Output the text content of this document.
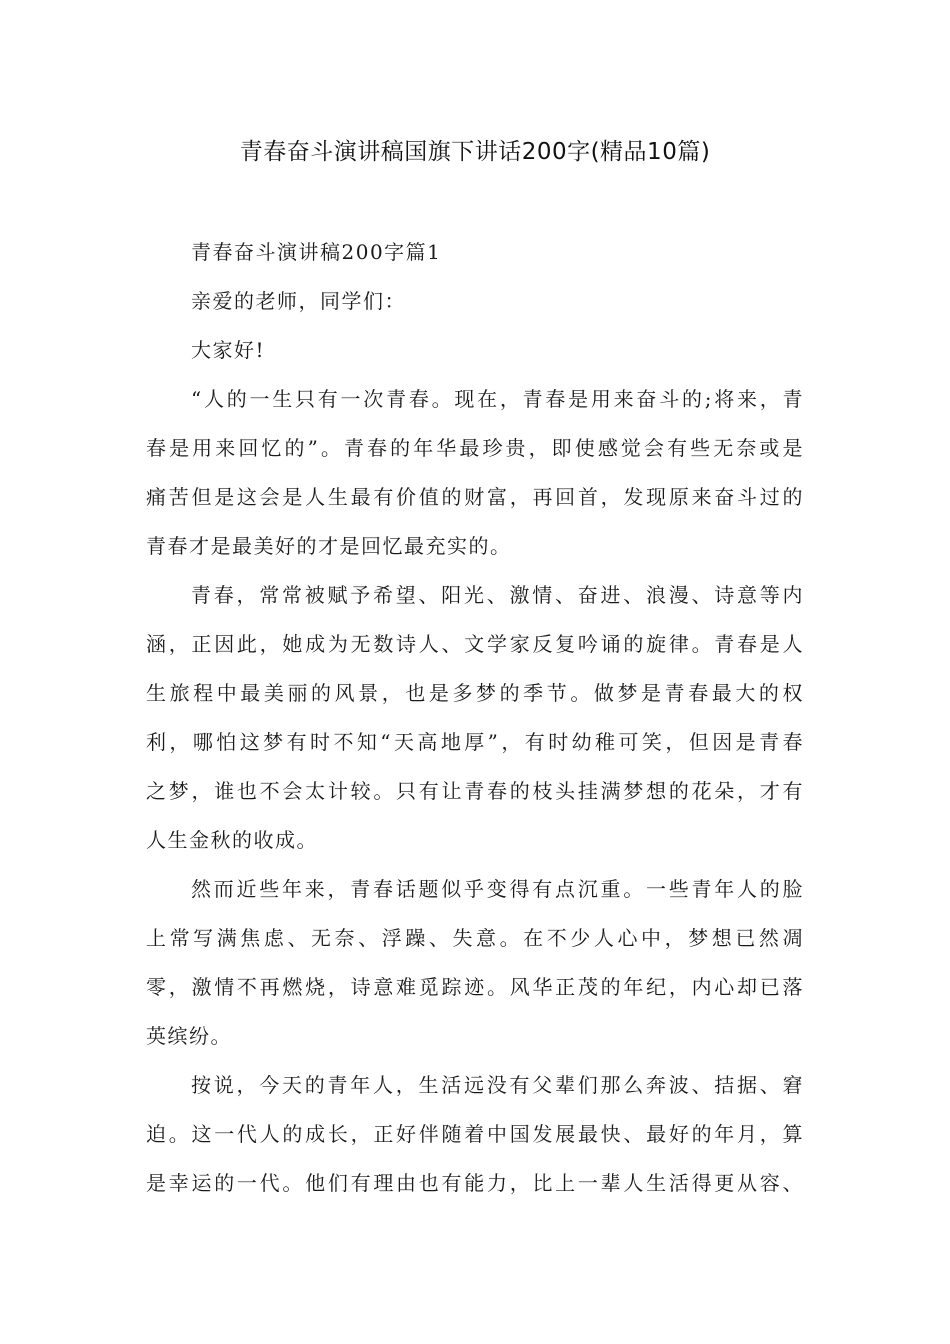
青春奋斗演讲稿国旗下讲话200字(精品10篇)
青春奋斗演讲稿200字篇1
亲爱的老师，同学们：
大家好!
“人的一生只有一次青春。现在，青春是用来奋斗的;将来，青
春是用来回忆的”。青春的年华最珍贵，即使感觉会有些无奈或是
痛苦但是这会是人生最有价值的财富，再回首，发现原来奋斗过的
青春才是最美好的才是回忆最充实的。
青春，常常被赋予希望、阳光、激情、奋进、浪漫、诗意等内
涵，正因此，她成为无数诗人、文学家反复吟诵的旋律。青春是人
生旅程中最美丽的风景，也是多梦的季节。做梦是青春最大的权
利，哪怕这梦有时不知“天高地厚”，有时幼稚可笑，但因是青春
之梦，谁也不会太计较。只有让青春的枝头挂满梦想的花朵，才有
人生金秋的收成。
然而近些年来，青春话题似乎变得有点沉重。一些青年人的脸
上常写满焦虑、无奈、浮躁、失意。在不少人心中，梦想已然凋
零，激情不再燃烧，诗意难觅踪迹。风华正茂的年纪，内心却已落
英缤纷。
按说，今天的青年人，生活远没有父辈们那么奔波、拮据、窘
迫。这一代人的成长，正好伴随着中国发展最快、最好的年月，算
是幸运的一代。他们有理由也有能力，比上一辈人生活得更从容、
